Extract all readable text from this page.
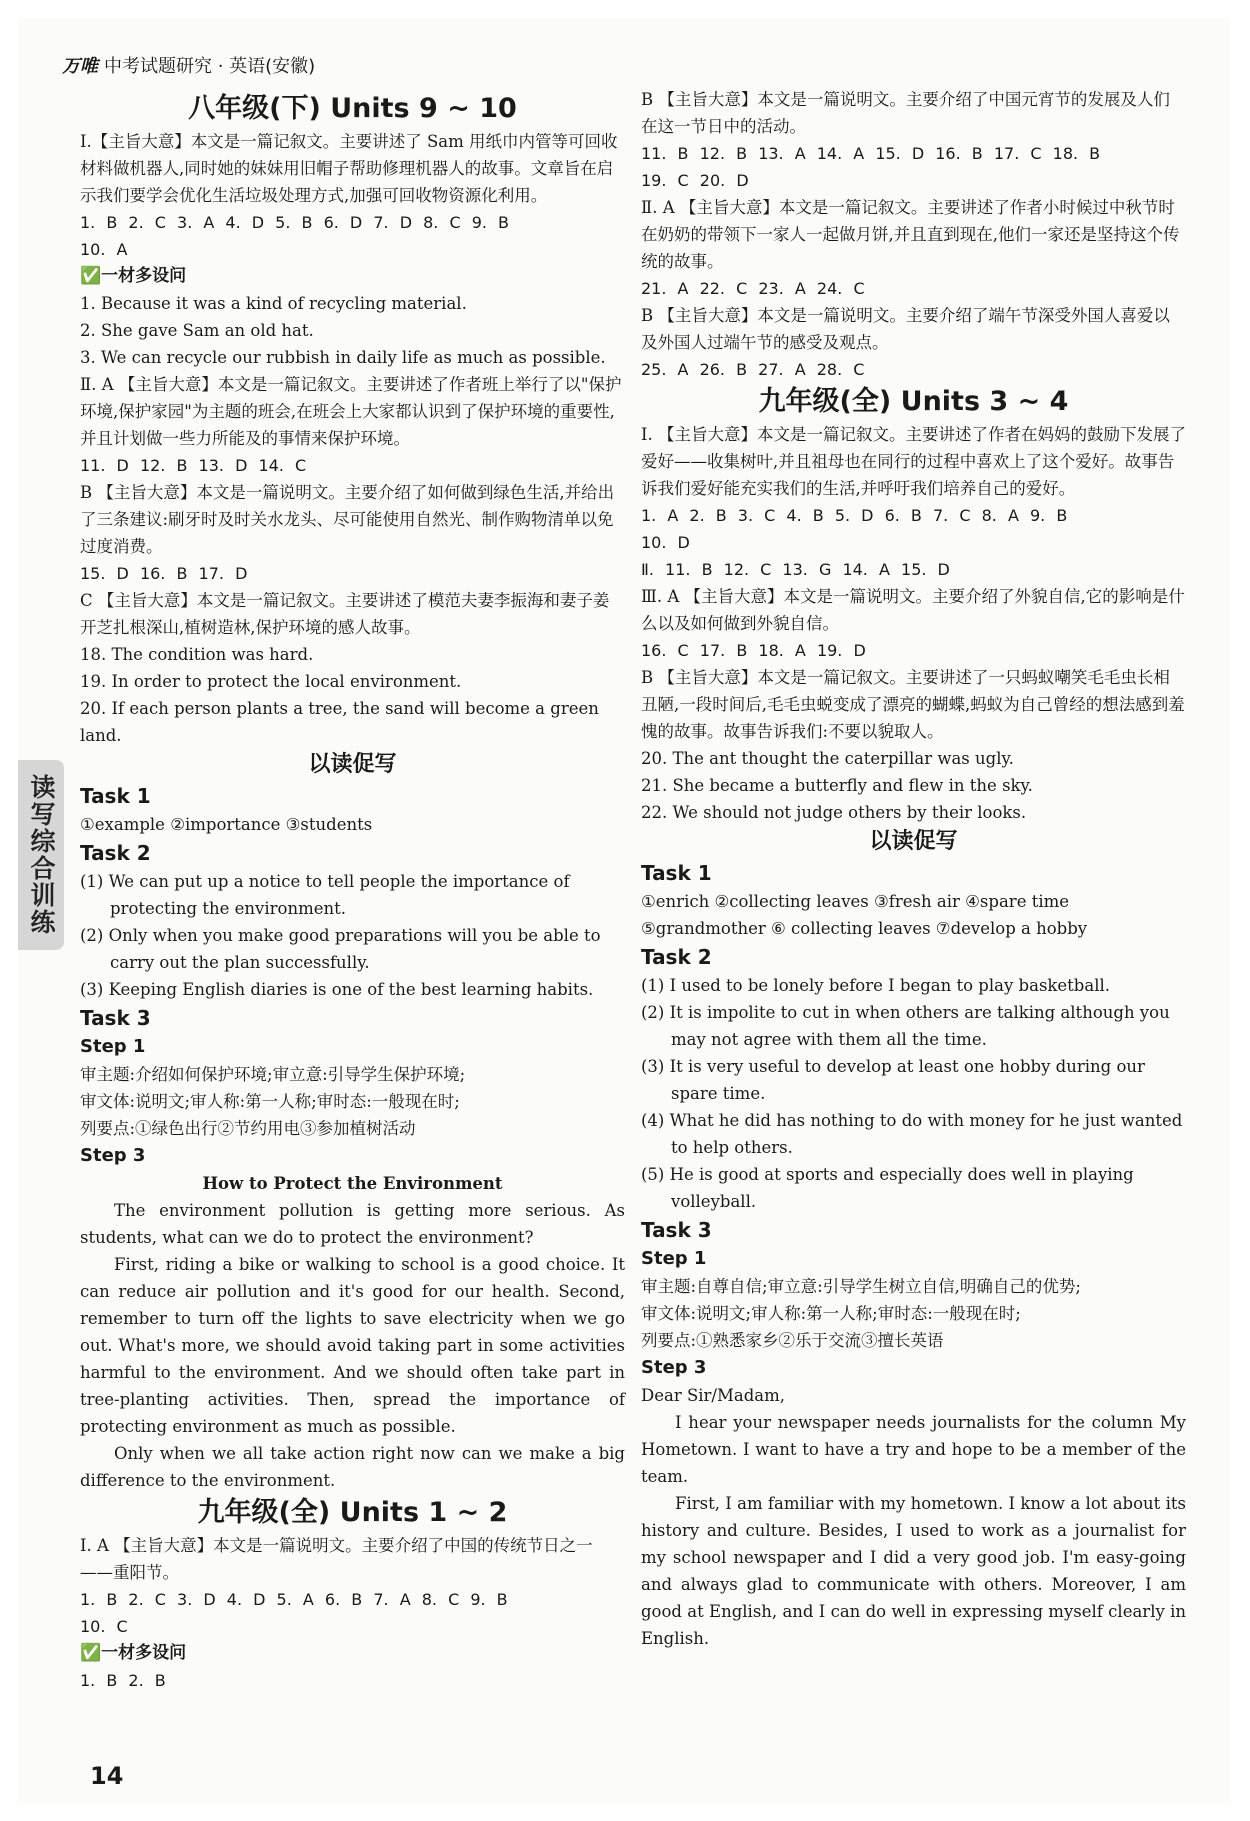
万唯 中考试题研究 · 英语(安徽)
读写综合训练

八年级(下) Units 9 ~ 10

Ⅰ.【主旨大意】本文是一篇记叙文。主要讲述了 Sam 用纸巾内管等可回收材料做机器人,同时她的妹妹用旧帽子帮助修理机器人的故事。文章旨在启示我们要学会优化生活垃圾处理方式,加强可回收物资源化利用。

1. B 2. C 3. A 4. D 5. B 6. D 7. D 8. C 9. B

10. A

✅一材多设问

1. Because it was a kind of recycling material.

2. She gave Sam an old hat.

3. We can recycle our rubbish in daily life as much as possible.

Ⅱ. A 【主旨大意】本文是一篇记叙文。主要讲述了作者班上举行了以"保护环境,保护家园"为主题的班会,在班会上大家都认识到了保护环境的重要性,并且计划做一些力所能及的事情来保护环境。

11. D 12. B 13. D 14. C

B 【主旨大意】本文是一篇说明文。主要介绍了如何做到绿色生活,并给出了三条建议:刷牙时及时关水龙头、尽可能使用自然光、制作购物清单以免过度消费。

15. D 16. B 17. D

C 【主旨大意】本文是一篇记叙文。主要讲述了模范夫妻李振海和妻子姜开芝扎根深山,植树造林,保护环境的感人故事。

18. The condition was hard.

19. In order to protect the local environment.

20. If each person plants a tree, the sand will become a green land.

以读促写

Task 1

①example ②importance ③students

Task 2

(1) We can put up a notice to tell people the importance of protecting the environment.

(2) Only when you make good preparations will you be able to carry out the plan successfully.

(3) Keeping English diaries is one of the best learning habits.

Task 3

Step 1

审主题:介绍如何保护环境;审立意:引导学生保护环境;

审文体:说明文;审人称:第一人称;审时态:一般现在时;

列要点:①绿色出行②节约用电③参加植树活动

Step 3

How to Protect the Environment

The environment pollution is getting more serious. As students, what can we do to protect the environment?

First, riding a bike or walking to school is a good choice. It can reduce air pollution and it's good for our health. Second, remember to turn off the lights to save electricity when we go out. What's more, we should avoid taking part in some activities harmful to the environment. And we should often take part in tree-planting activities. Then, spread the importance of protecting environment as much as possible.

Only when we all take action right now can we make a big difference to the environment.

九年级(全) Units 1 ~ 2

Ⅰ. A 【主旨大意】本文是一篇说明文。主要介绍了中国的传统节日之一——重阳节。

1. B 2. C 3. D 4. D 5. A 6. B 7. A 8. C 9. B

10. C

✅一材多设问

1. B 2. B

B 【主旨大意】本文是一篇说明文。主要介绍了中国元宵节的发展及人们在这一节日中的活动。

11. B 12. B 13. A 14. A 15. D 16. B 17. C 18. B

19. C 20. D

Ⅱ. A 【主旨大意】本文是一篇记叙文。主要讲述了作者小时候过中秋节时在奶奶的带领下一家人一起做月饼,并且直到现在,他们一家还是坚持这个传统的故事。

21. A 22. C 23. A 24. C

B 【主旨大意】本文是一篇说明文。主要介绍了端午节深受外国人喜爱以及外国人过端午节的感受及观点。

25. A 26. B 27. A 28. C

九年级(全) Units 3 ~ 4

Ⅰ. 【主旨大意】本文是一篇记叙文。主要讲述了作者在妈妈的鼓励下发展了爱好——收集树叶,并且祖母也在同行的过程中喜欢上了这个爱好。故事告诉我们爱好能充实我们的生活,并呼吁我们培养自己的爱好。

1. A 2. B 3. C 4. B 5. D 6. B 7. C 8. A 9. B

10. D

Ⅱ. 11. B 12. C 13. G 14. A 15. D

Ⅲ. A 【主旨大意】本文是一篇说明文。主要介绍了外貌自信,它的影响是什么以及如何做到外貌自信。

16. C 17. B 18. A 19. D

B 【主旨大意】本文是一篇记叙文。主要讲述了一只蚂蚁嘲笑毛毛虫长相丑陋,一段时间后,毛毛虫蜕变成了漂亮的蝴蝶,蚂蚁为自己曾经的想法感到羞愧的故事。故事告诉我们:不要以貌取人。

20. The ant thought the caterpillar was ugly.

21. She became a butterfly and flew in the sky.

22. We should not judge others by their looks.

以读促写

Task 1

①enrich ②collecting leaves ③fresh air ④spare time

⑤grandmother ⑥ collecting leaves ⑦develop a hobby

Task 2

(1) I used to be lonely before I began to play basketball.

(2) It is impolite to cut in when others are talking although you may not agree with them all the time.

(3) It is very useful to develop at least one hobby during our spare time.

(4) What he did has nothing to do with money for he just wanted to help others.

(5) He is good at sports and especially does well in playing volleyball.

Task 3

Step 1

审主题:自尊自信;审立意:引导学生树立自信,明确自己的优势;

审文体:说明文;审人称:第一人称;审时态:一般现在时;

列要点:①熟悉家乡②乐于交流③擅长英语

Step 3

Dear Sir/Madam,

I hear your newspaper needs journalists for the column My Hometown. I want to have a try and hope to be a member of the team.

First, I am familiar with my hometown. I know a lot about its history and culture. Besides, I used to work as a journalist for my school newspaper and I did a very good job. I'm easy-going and always glad to communicate with others. Moreover, I am good at English, and I can do well in expressing myself clearly in English.

14
